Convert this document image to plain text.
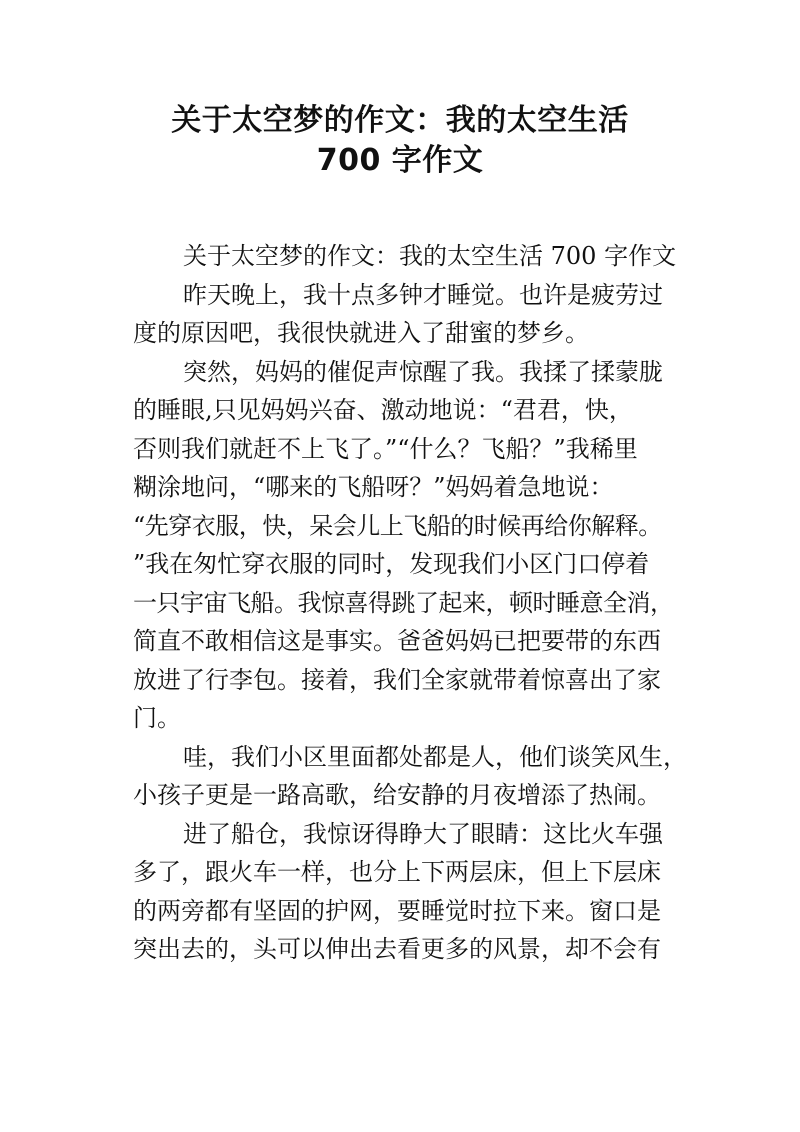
关于太空梦的作文：我的太空生活
700 字作文
关于太空梦的作文：我的太空生活 700 字作文
昨天晚上，我十点多钟才睡觉。也许是疲劳过
度的原因吧，我很快就进入了甜蜜的梦乡。
突然，妈妈的催促声惊醒了我。我揉了揉蒙胧
的睡眼,只见妈妈兴奋、激动地说：“君君，快，
否则我们就赶不上飞了。”“什么？飞船？”我稀里
糊涂地问，“哪来的飞船呀？”妈妈着急地说：
“先穿衣服，快，呆会儿上飞船的时候再给你解释。
”我在匆忙穿衣服的同时，发现我们小区门口停着
一只宇宙飞船。我惊喜得跳了起来，顿时睡意全消，
简直不敢相信这是事实。爸爸妈妈已把要带的东西
放进了行李包。接着，我们全家就带着惊喜出了家
门。
哇，我们小区里面都处都是人，他们谈笑风生，
小孩子更是一路高歌，给安静的月夜增添了热闹。
进了船仓，我惊讶得睁大了眼睛：这比火车强
多了，跟火车一样，也分上下两层床，但上下层床
的两旁都有坚固的护网，要睡觉时拉下来。窗口是
突出去的，头可以伸出去看更多的风景，却不会有
